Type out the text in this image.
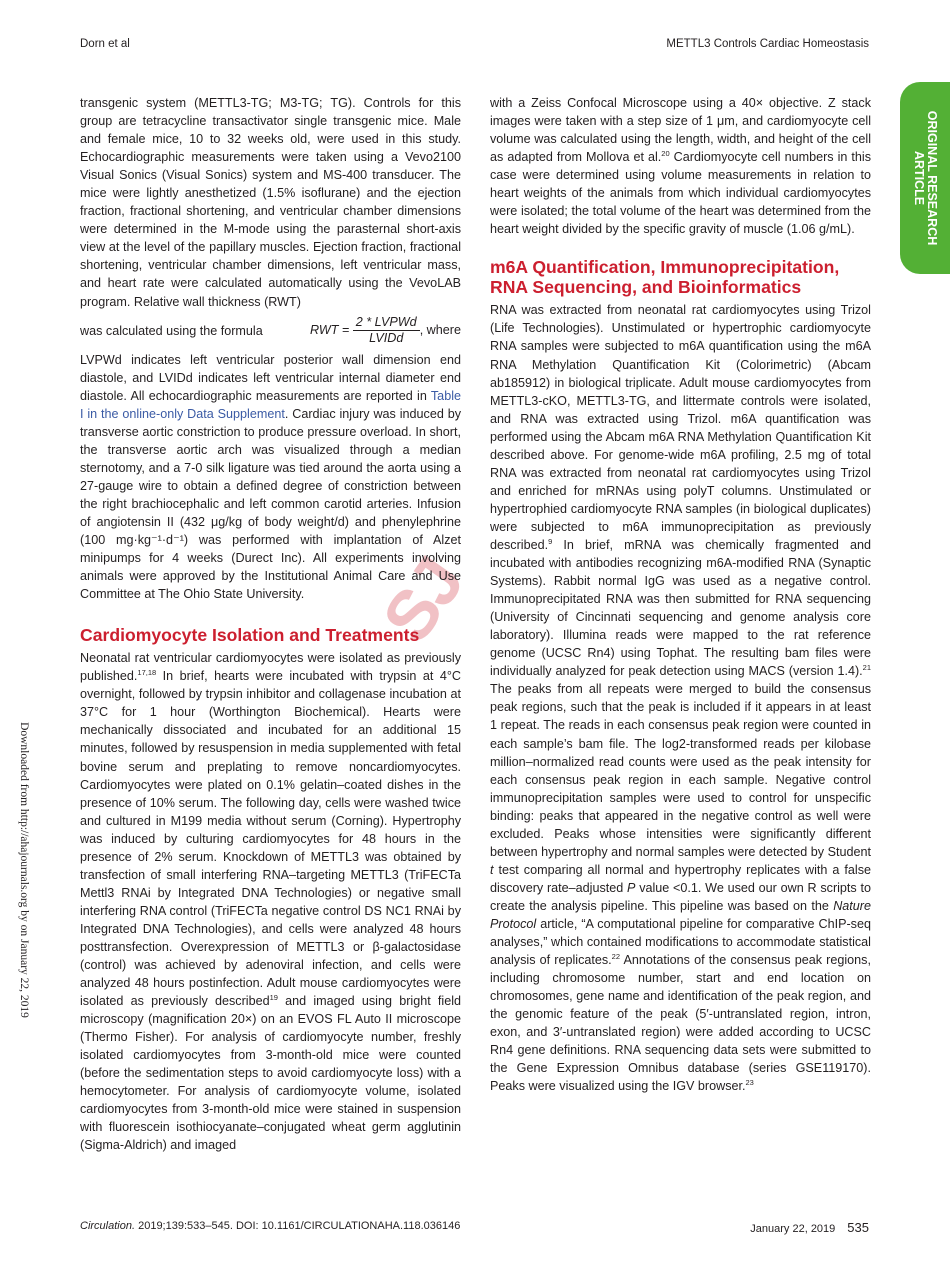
Dorn et al	METTL3 Controls Cardiac Homeostasis
ORIGINAL RESEARCH
ARTICLE
Downloaded from http://ahajournals.org by on January 22, 2019
SJ

transgenic system (METTL3-TG; M3-TG; TG). Controls for this group are tetracycline transactivator single transgenic mice. Male and female mice, 10 to 32 weeks old, were used in this study. Echocardiographic measurements were taken using a Vevo2100 Visual Sonics (Visual Sonics) system and MS-400 transducer. The mice were lightly anesthetized (1.5% isoflurane) and the ejection fraction, fractional shortening, and ventricular chamber dimensions were determined in the M-mode using the parasternal short-axis view at the level of the papillary muscles. Ejection fraction, fractional shortening, ventricular chamber dimensions, left ventricular mass, and heart rate were calculated automatically using the VevoLAB program. Relative wall thickness (RWT)

was calculated using the formula	RWT = $\frac{\text{2 * LVPWd}}{\text{LVIDd}}$ , where

LVPWd indicates left ventricular posterior wall dimension end diastole, and LVIDd indicates left ventricular internal diameter end diastole. All echocardiographic measurements are reported in Table I in the online-only Data Supplement. Cardiac injury was induced by transverse aortic constriction to produce pressure overload. In short, the transverse aortic arch was visualized through a median sternotomy, and a 7-0 silk ligature was tied around the aorta using a 27-gauge wire to obtain a defined degree of constriction between the right brachiocephalic and left common carotid arteries. Infusion of angiotensin II (432 μg/kg of body weight/d) and phenylephrine (100 mg·kg⁻¹·d⁻¹) was performed with implantation of Alzet minipumps for 4 weeks (Durect Inc). All experiments involving animals were approved by the Institutional Animal Care and Use Committee at The Ohio State University.

Cardiomyocyte Isolation and Treatments

Neonatal rat ventricular cardiomyocytes were isolated as previously published.$^{17,18}$ In brief, hearts were incubated with trypsin at 4°C overnight, followed by trypsin inhibitor and collagenase incubation at 37°C for 1 hour (Worthington Biochemical). Hearts were mechanically dissociated and incubated for an additional 15 minutes, followed by resuspension in media supplemented with fetal bovine serum and preplating to remove noncardiomyocytes. Cardiomyocytes were plated on 0.1% gelatin–coated dishes in the presence of 10% serum. The following day, cells were washed twice and cultured in M199 media without serum (Corning). Hypertrophy was induced by culturing cardiomyocytes for 48 hours in the presence of 2% serum. Knockdown of METTL3 was obtained by transfection of small interfering RNA–targeting METTL3 (TriFECTa Mettl3 RNAi by Integrated DNA Technologies) or negative small interfering RNA control (TriFECTa negative control DS NC1 RNAi by Integrated DNA Technologies), and cells were analyzed 48 hours posttransfection. Overexpression of METTL3 or β-galactosidase (control) was achieved by adenoviral infection, and cells were analyzed 48 hours postinfection. Adult mouse cardiomyocytes were isolated as previously described$^{19}$ and imaged using bright field microscopy (magnification 20×) on an EVOS FL Auto II microscope (Thermo Fisher). For analysis of cardiomyocyte number, freshly isolated cardiomyocytes from 3-month-old mice were counted (before the sedimentation steps to avoid cardiomyocyte loss) with a hemocytometer. For analysis of cardiomyocyte volume, isolated cardiomyocytes from 3-month-old mice were stained in suspension with fluorescein isothiocyanate–conjugated wheat germ agglutinin (Sigma-Aldrich) and imaged

with a Zeiss Confocal Microscope using a 40× objective. Z stack images were taken with a step size of 1 μm, and cardiomyocyte cell volume was calculated using the length, width, and height of the cell as adapted from Mollova et al.$^{20}$ Cardiomyocyte cell numbers in this case were determined using volume measurements in relation to heart weights of the animals from which individual cardiomyocytes were isolated; the total volume of the heart was determined from the heart weight divided by the specific gravity of muscle (1.06 g/mL).

m6A Quantification, Immunoprecipitation, RNA Sequencing, and Bioinformatics

RNA was extracted from neonatal rat cardiomyocytes using Trizol (Life Technologies). Unstimulated or hypertrophic cardiomyocyte RNA samples were subjected to m6A quantification using the m6A RNA Methylation Quantification Kit (Colorimetric) (Abcam ab185912) in biological triplicate. Adult mouse cardiomyocytes from METTL3-cKO, METTL3-TG, and littermate controls were isolated, and RNA was extracted using Trizol. m6A quantification was performed using the Abcam m6A RNA Methylation Quantification Kit described above. For genome-wide m6A profiling, 2.5 mg of total RNA was extracted from neonatal rat cardiomyocytes using Trizol and enriched for mRNAs using polyT columns. Unstimulated or hypertrophied cardiomyocyte RNA samples (in biological duplicates) were subjected to m6A immunoprecipitation as previously described.$^9$ In brief, mRNA was chemically fragmented and incubated with antibodies recognizing m6A-modified RNA (Synaptic Systems). Rabbit normal IgG was used as a negative control. Immunoprecipitated RNA was then submitted for RNA sequencing (University of Cincinnati sequencing and genome analysis core laboratory). Illumina reads were mapped to the rat reference genome (UCSC Rn4) using Tophat. The resulting bam files were individually analyzed for peak detection using MACS (version 1.4).$^{21}$ The peaks from all repeats were merged to build the consensus peak regions, such that the peak is included if it appears in at least 1 repeat. The reads in each consensus peak region were counted in each sample’s bam file. The log2-transformed reads per kilobase million–normalized read counts were used as the peak intensity for each consensus peak region in each sample. Negative control immunoprecipitation samples were used to control for unspecific binding: peaks that appeared in the negative control as well were excluded. Peaks whose intensities were significantly different between hypertrophy and normal samples were detected by Student t test comparing all normal and hypertrophy replicates with a false discovery rate–adjusted P value <0.1. We used our own R scripts to create the analysis pipeline. This pipeline was based on the Nature Protocol article, “A computational pipeline for comparative ChIP-seq analyses,” which contained modifications to accommodate statistical analysis of replicates.$^{22}$ Annotations of the consensus peak regions, including chromosome number, start and end location on chromosomes, gene name and identification of the peak region, and the genomic feature of the peak (5′-untranslated region, intron, exon, and 3′-untranslated region) were added according to UCSC Rn4 gene definitions. RNA sequencing data sets were submitted to the Gene Expression Omnibus database (series GSE119170). Peaks were visualized using the IGV browser.$^{23}$

Circulation. 2019;139:533–545. DOI: 10.1161/CIRCULATIONAHA.118.036146	January 22, 2019 535
